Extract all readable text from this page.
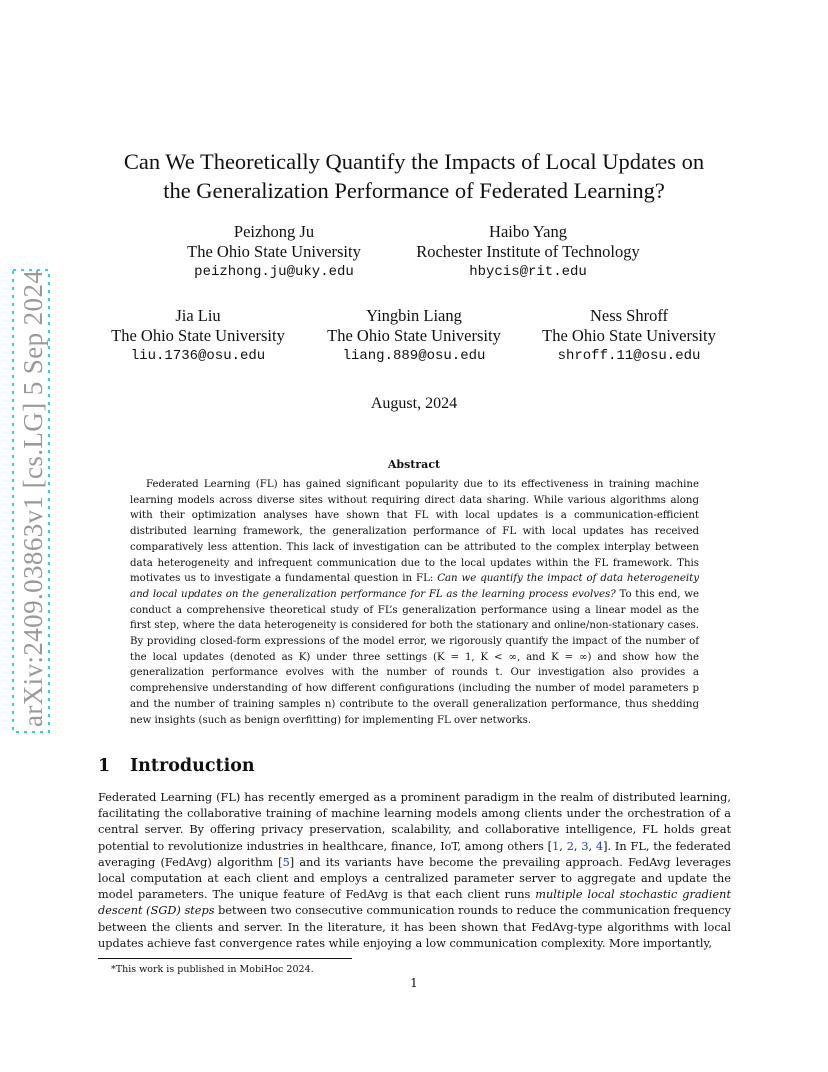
arXiv:2409.03863v1 [cs.LG] 5 Sep 2024
Can We Theoretically Quantify the Impacts of Local Updates on
the Generalization Performance of Federated Learning?
Peizhong Ju
The Ohio State University
peizhong.ju@uky.edu
Haibo Yang
Rochester Institute of Technology
hbycis@rit.edu
Jia Liu
The Ohio State University
liu.1736@osu.edu
Yingbin Liang
The Ohio State University
liang.889@osu.edu
Ness Shroff
The Ohio State University
shroff.11@osu.edu
August, 2024
Abstract

Federated Learning (FL) has gained significant popularity due to its effectiveness in training machine learning models across diverse sites without requiring direct data sharing. While various algorithms along with their optimization analyses have shown that FL with local updates is a communication-efficient distributed learning framework, the generalization performance of FL with local updates has received comparatively less attention. This lack of investigation can be attributed to the complex interplay between data heterogeneity and infrequent communication due to the local updates within the FL framework. This motivates us to investigate a fundamental question in FL: Can we quantify the impact of data heterogeneity and local updates on the generalization performance for FL as the learning process evolves? To this end, we conduct a comprehensive theoretical study of FL’s generalization performance using a linear model as the first step, where the data heterogeneity is considered for both the stationary and online/non-stationary cases. By providing closed-form expressions of the model error, we rigorously quantify the impact of the number of the local updates (denoted as K) under three settings (K = 1, K < ∞, and K = ∞) and show how the generalization performance evolves with the number of rounds t. Our investigation also provides a comprehensive understanding of how different configurations (including the number of model parameters p and the number of training samples n) contribute to the overall generalization performance, thus shedding new insights (such as benign overfitting) for implementing FL over networks.

1 Introduction

Federated Learning (FL) has recently emerged as a prominent paradigm in the realm of distributed learning, facilitating the collaborative training of machine learning models among clients under the orchestration of a central server. By offering privacy preservation, scalability, and collaborative intelligence, FL holds great potential to revolutionize industries in healthcare, finance, IoT, among others [1, 2, 3, 4]. In FL, the federated averaging (FedAvg) algorithm [5] and its variants have become the prevailing approach. FedAvg leverages local computation at each client and employs a centralized parameter server to aggregate and update the model parameters. The unique feature of FedAvg is that each client runs multiple local stochastic gradient descent (SGD) steps between two consecutive communication rounds to reduce the communication frequency between the clients and server. In the literature, it has been shown that FedAvg-type algorithms with local updates achieve fast convergence rates while enjoying a low communication complexity. More importantly,

*This work is published in MobiHoc 2024.
1
